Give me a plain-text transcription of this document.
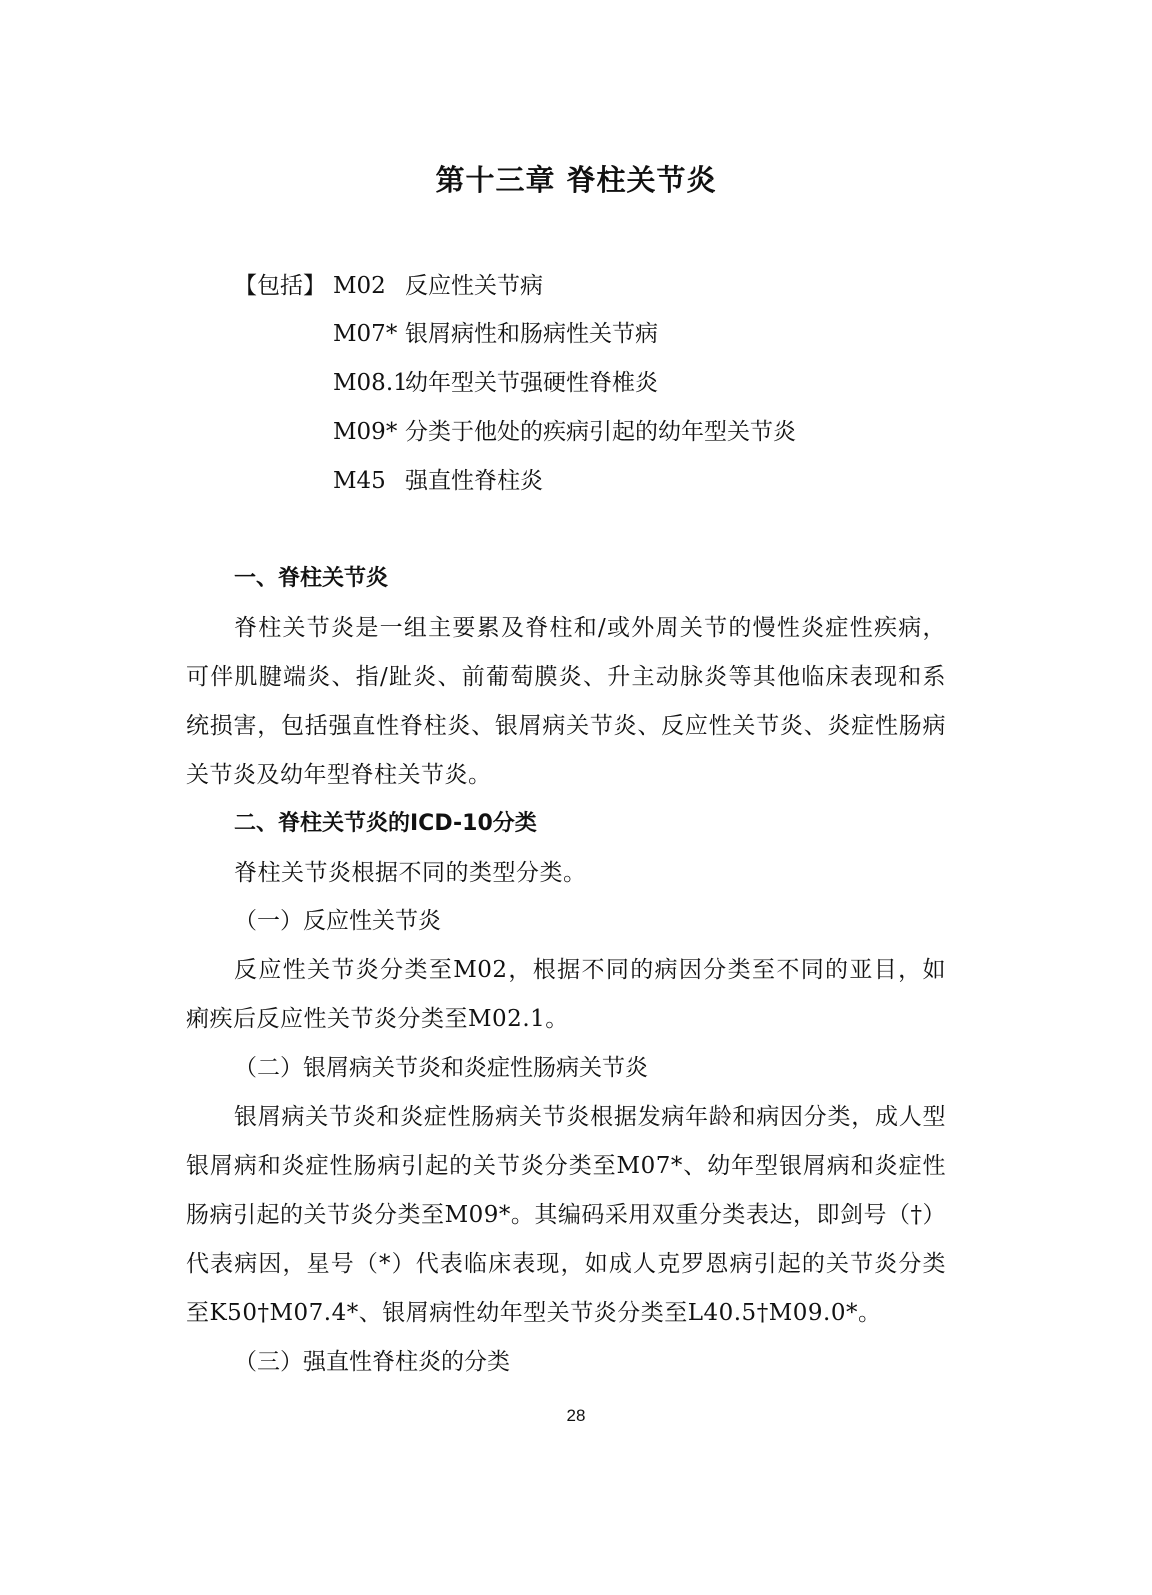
第十三章 脊柱关节炎
【包括】 M02 反应性关节病
M07* 银屑病性和肠病性关节病
M08.1幼年型关节强硬性脊椎炎
M09* 分类于他处的疾病引起的幼年型关节炎
M45 强直性脊柱炎
一、脊柱关节炎

脊柱关节炎是一组主要累及脊柱和/或外周关节的慢性炎症性疾病，可伴肌腱端炎、指/趾炎、前葡萄膜炎、升主动脉炎等其他临床表现和系统损害，包括强直性脊柱炎、银屑病关节炎、反应性关节炎、炎症性肠病关节炎及幼年型脊柱关节炎。

二、脊柱关节炎的ICD-10分类

脊柱关节炎根据不同的类型分类。

（一）反应性关节炎

反应性关节炎分类至M02，根据不同的病因分类至不同的亚目，如痢疾后反应性关节炎分类至M02.1。

（二）银屑病关节炎和炎症性肠病关节炎

银屑病关节炎和炎症性肠病关节炎根据发病年龄和病因分类，成人型银屑病和炎症性肠病引起的关节炎分类至M07*、幼年型银屑病和炎症性肠病引起的关节炎分类至M09*。其编码采用双重分类表达，即剑号（†）代表病因，星号（*）代表临床表现，如成人克罗恩病引起的关节炎分类至K50†M07.4*、银屑病性幼年型关节炎分类至L40.5†M09.0*。

（三）强直性脊柱炎的分类
28
